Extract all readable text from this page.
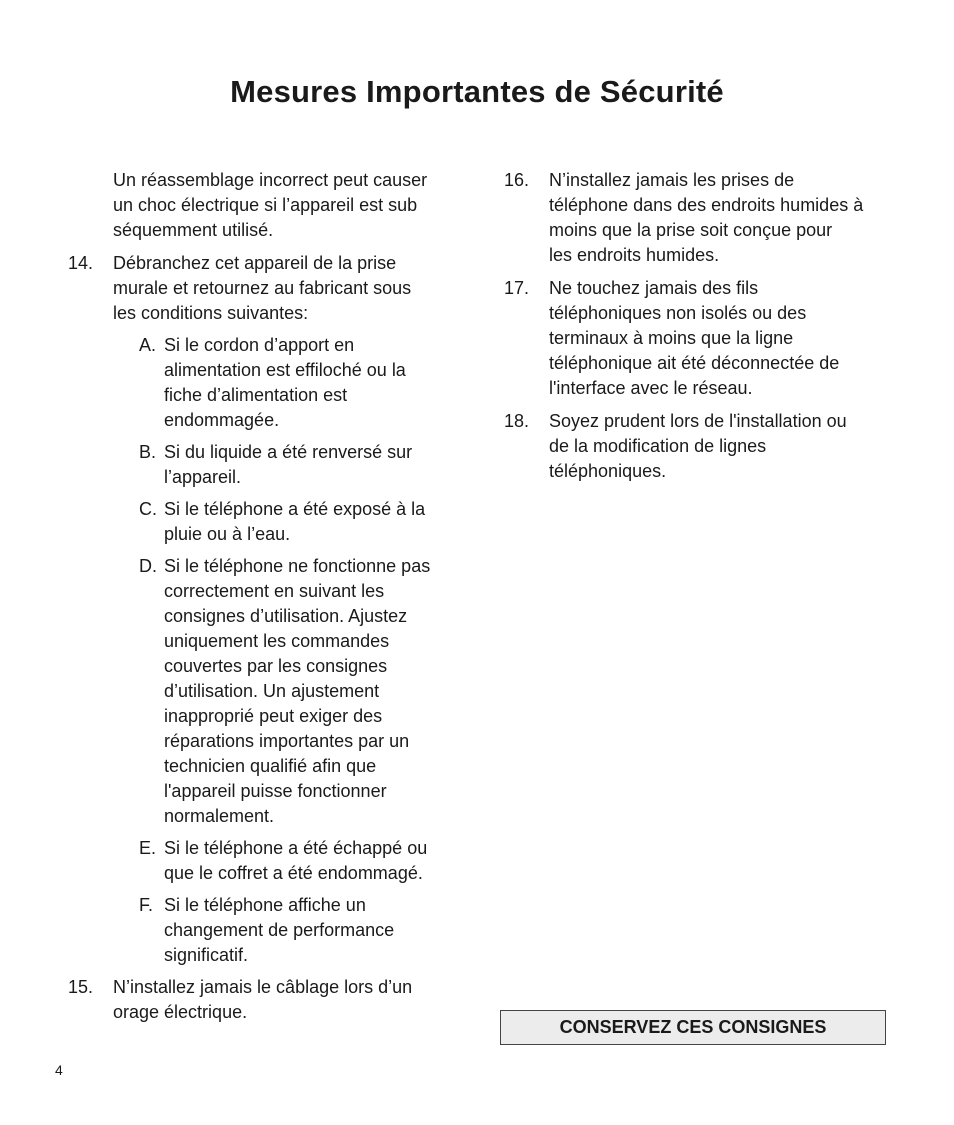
Mesures Importantes de Sécurité
Un réassemblage incorrect peut causer
un choc électrique si l’appareil est sub
séquemment utilisé.
14. Débranchez cet appareil de la prise
murale et retournez au fabricant sous
les conditions suivantes:
A. Si le cordon d’apport en
alimentation est effiloché ou la
fiche d’alimentation est
endommagée.
B. Si du liquide a été renversé sur
l’appareil.
C. Si le téléphone a été exposé à la
pluie ou à l’eau.
D. Si le téléphone ne fonctionne pas
correctement en suivant les
consignes d’utilisation. Ajustez
uniquement les commandes
couvertes par les consignes
d’utilisation. Un ajustement
inapproprié peut exiger des
réparations importantes par un
technicien qualifié afin que
l'appareil puisse fonctionner
normalement.
E. Si le téléphone a été échappé ou
que le coffret a été endommagé.
F. Si le téléphone affiche un
changement de performance
significatif.
15. N’installez jamais le câblage lors d’un
orage électrique.
16. N’installez jamais les prises de
téléphone dans des endroits humides à
moins que la prise soit conçue pour
les endroits humides.
17. Ne touchez jamais des fils
téléphoniques non isolés ou des
terminaux à moins que la ligne
téléphonique ait été déconnectée de
l'interface avec le réseau.
18. Soyez prudent lors de l'installation ou
de la modification de lignes
téléphoniques.
CONSERVEZ CES CONSIGNES
4
